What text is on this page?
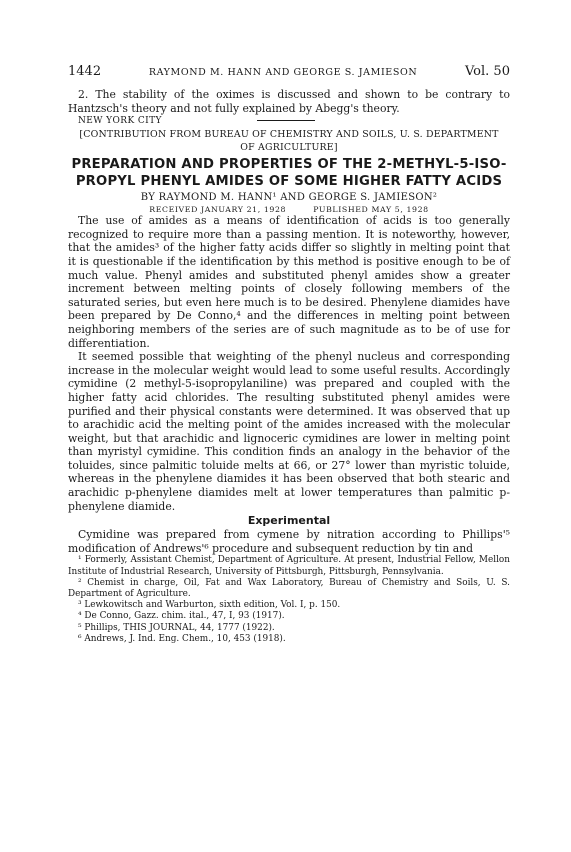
1442	RAYMOND M. HANN AND GEORGE S. JAMIESON	Vol. 50

2. The stability of the oximes is discussed and shown to be contrary to Hantzsch's theory and not fully explained by Abegg's theory.

NEW YORK CITY
[CONTRIBUTION FROM BUREAU OF CHEMISTRY AND SOILS, U. S. DEPARTMENT OF AGRICULTURE]
PREPARATION AND PROPERTIES OF THE 2-METHYL-5-ISO-PROPYL PHENYL AMIDES OF SOME HIGHER FATTY ACIDS
BY RAYMOND M. HANN¹ AND GEORGE S. JAMIESON²
RECEIVED JANUARY 21, 1928	PUBLISHED MAY 5, 1928

The use of amides as a means of identification of acids is too generally recognized to require more than a passing mention. It is noteworthy, however, that the amides³ of the higher fatty acids differ so slightly in melting point that it is questionable if the identification by this method is positive enough to be of much value. Phenyl amides and substituted phenyl amides show a greater increment between melting points of closely following members of the saturated series, but even here much is to be desired. Phenylene diamides have been prepared by De Conno,⁴ and the differences in melting point between neighboring members of the series are of such magnitude as to be of use for differentiation.

It seemed possible that weighting of the phenyl nucleus and corresponding increase in the molecular weight would lead to some useful results. Accordingly cymidine (2 methyl-5-isopropylaniline) was prepared and coupled with the higher fatty acid chlorides. The resulting substituted phenyl amides were purified and their physical constants were determined. It was observed that up to arachidic acid the melting point of the amides increased with the molecular weight, but that arachidic and lignoceric cymidines are lower in melting point than myristyl cymidine. This condition finds an analogy in the behavior of the toluides, since palmitic toluide melts at 66, or 27° lower than myristic toluide, whereas in the phenylene diamides it has been observed that both stearic and arachidic p-phenylene diamides melt at lower temperatures than palmitic p-phenylene diamide.

Experimental

Cymidine was prepared from cymene by nitration according to Phillips'⁵ modification of Andrews'⁶ procedure and subsequent reduction by tin and

¹ Formerly, Assistant Chemist, Department of Agriculture. At present, Industrial Fellow, Mellon Institute of Industrial Research, University of Pittsburgh, Pittsburgh, Pennsylvania.
² Chemist in charge, Oil, Fat and Wax Laboratory, Bureau of Chemistry and Soils, U. S. Department of Agriculture.
³ Lewkowitsch and Warburton, sixth edition, Vol. I, p. 150.
⁴ De Conno, Gazz. chim. ital., 47, I, 93 (1917).
⁵ Phillips, THIS JOURNAL, 44, 1777 (1922).
⁶ Andrews, J. Ind. Eng. Chem., 10, 453 (1918).
